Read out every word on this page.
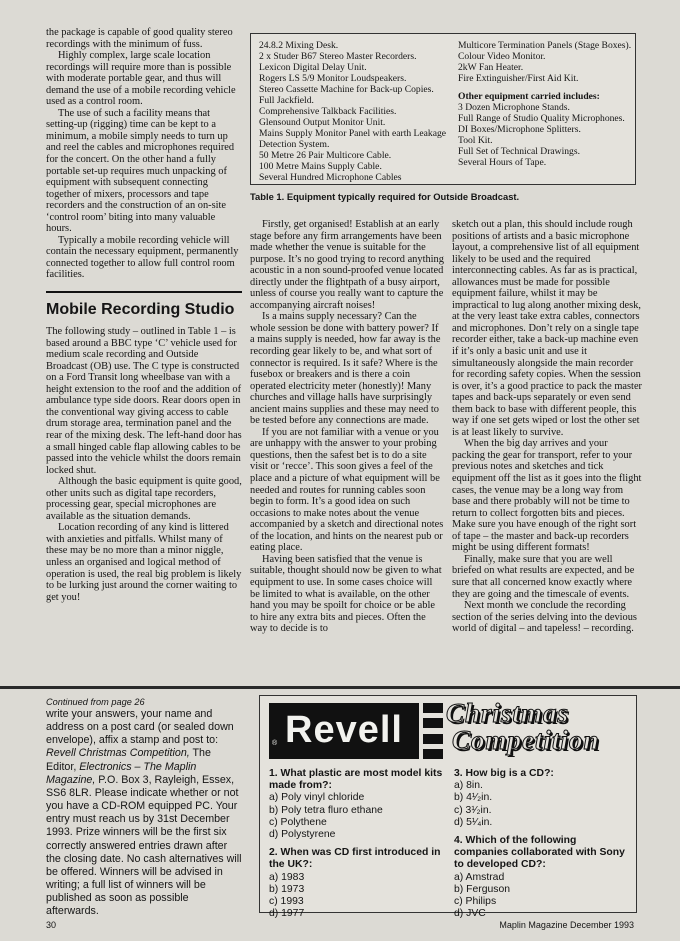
the package is capable of good quality stereo recordings with the minimum of fuss.

Highly complex, large scale location recordings will require more than is possible with moderate portable gear, and thus will demand the use of a mobile recording vehicle used as a control room.

The use of such a facility means that setting-up (rigging) time can be kept to a minimum, a mobile simply needs to turn up and reel the cables and microphones required for the concert. On the other hand a fully portable set-up requires much unpacking of equipment with subsequent connecting together of mixers, processors and tape recorders and the construction of an on-site ‘control room’ biting into many valuable hours.

Typically a mobile recording vehicle will contain the necessary equipment, permanently connected together to allow full control room facilities.

Mobile Recording Studio

The following study – outlined in Table 1 – is based around a BBC type ‘C’ vehicle used for medium scale recording and Outside Broadcast (OB) use. The C type is constructed on a Ford Transit long wheelbase van with a height extension to the roof and the addition of ambulance type side doors. Rear doors open in the conventional way giving access to cable drum storage area, termination panel and the rear of the mixing desk. The left-hand door has a small hinged cable flap allowing cables to be passed into the vehicle whilst the doors remain locked shut.

Although the basic equipment is quite good, other units such as digital tape recorders, processing gear, special microphones are available as the situation demands.

Location recording of any kind is littered with anxieties and pitfalls. Whilst many of these may be no more than a minor niggle, unless an organised and logical method of operation is used, the real big problem is likely to be lurking just around the corner waiting to get you!

24.8.2 Mixing Desk.
2 x Studer B67 Stereo Master Recorders.
Lexicon Digital Delay Unit.
Rogers LS 5/9 Monitor Loudspeakers.
Stereo Cassette Machine for Back-up Copies.
Full Jackfield.
Comprehensive Talkback Facilities.
Glensound Output Monitor Unit.
Mains Supply Monitor Panel with earth Leakage Detection System.
50 Metre 26 Pair Multicore Cable.
100 Metre Mains Supply Cable.
Several Hundred Microphone Cables
Multicore Termination Panels (Stage Boxes).
Colour Video Monitor.
2kW Fan Heater.
Fire Extinguisher/First Aid Kit.
Other equipment carried includes:
3 Dozen Microphone Stands.
Full Range of Studio Quality Microphones.
DI Boxes/Microphone Splitters.
Tool Kit.
Full Set of Technical Drawings.
Several Hours of Tape.
Table 1. Equipment typically required for Outside Broadcast.

Firstly, get organised! Establish at an early stage before any firm arrangements have been made whether the venue is suitable for the purpose. It’s no good trying to record anything acoustic in a non sound-proofed venue located directly under the flightpath of a busy airport, unless of course you really want to capture the accompanying aircraft noises!

Is a mains supply necessary? Can the whole session be done with battery power? If a mains supply is needed, how far away is the recording gear likely to be, and what sort of connector is required. Is it safe? Where is the fusebox or breakers and is there a coin operated electricity meter (honestly)! Many churches and village halls have surprisingly ancient mains supplies and these may need to be tested before any connections are made.

If you are not familiar with a venue or you are unhappy with the answer to your probing questions, then the safest bet is to do a site visit or ‘recce’. This soon gives a feel of the place and a picture of what equipment will be needed and routes for running cables soon begin to form. It’s a good idea on such occasions to make notes about the venue accompanied by a sketch and directional notes of the location, and hints on the nearest pub or eating place.

Having been satisfied that the venue is suitable, thought should now be given to what equipment to use. In some cases choice will be limited to what is available, on the other hand you may be spoilt for choice or be able to hire any extra bits and pieces. Often the way to decide is to

sketch out a plan, this should include rough positions of artists and a basic microphone layout, a comprehensive list of all equipment likely to be used and the required interconnecting cables. As far as is practical, allowances must be made for possible equipment failure, whilst it may be impractical to lug along another mixing desk, at the very least take extra cables, connectors and microphones. Don’t rely on a single tape recorder either, take a back-up machine even if it’s only a basic unit and use it simultaneously alongside the main recorder for recording safety copies. When the session is over, it’s a good practice to pack the master tapes and back-ups separately or even send them back to base with different people, this way if one set gets wiped or lost the other set is at least likely to survive.

When the big day arrives and your packing the gear for transport, refer to your previous notes and sketches and tick equipment off the list as it goes into the flight cases, the venue may be a long way from base and there probably will not be time to return to collect forgotten bits and pieces. Make sure you have enough of the right sort of tape – the master and back-up recorders might be using different formats!

Finally, make sure that you are well briefed on what results are expected, and be sure that all concerned know exactly where they are going and the timescale of events.

Next month we conclude the recording section of the series delving into the devious world of digital – and tapeless! – recording.

Continued from page 26
write your answers, your name and address on a post card (or sealed down envelope), affix a stamp and post to: Revell Christmas Competition, The Editor, Electronics – The Maplin Magazine, P.O. Box 3, Rayleigh, Essex, SS6 8LR. Please indicate whether or not you have a CD-ROM equipped PC. Your entry must reach us by 31st December 1993. Prize winners will be the first six correctly answered entries drawn after the closing date. No cash alternatives will be offered. Winners will be advised in writing; a full list of winners will be published as soon as possible afterwards.
Revell
®
Christmas
Competition
1. What plastic are most model kits made from?:
a) Poly vinyl chloride
b) Poly tetra fluro ethane
c) Polythene
d) Polystyrene
2. When was CD first introduced in the UK?:
a) 1983
b) 1973
c) 1993
d) 1977
3. How big is a CD?:
a) 8in.
b) 4¹⁄₂in.
c) 3¹⁄₂in.
d) 5¹⁄₄in.
4. Which of the following companies collaborated with Sony to developed CD?:
a) Amstrad
b) Ferguson
c) Philips
d) JVC
30	Maplin Magazine December 1993
